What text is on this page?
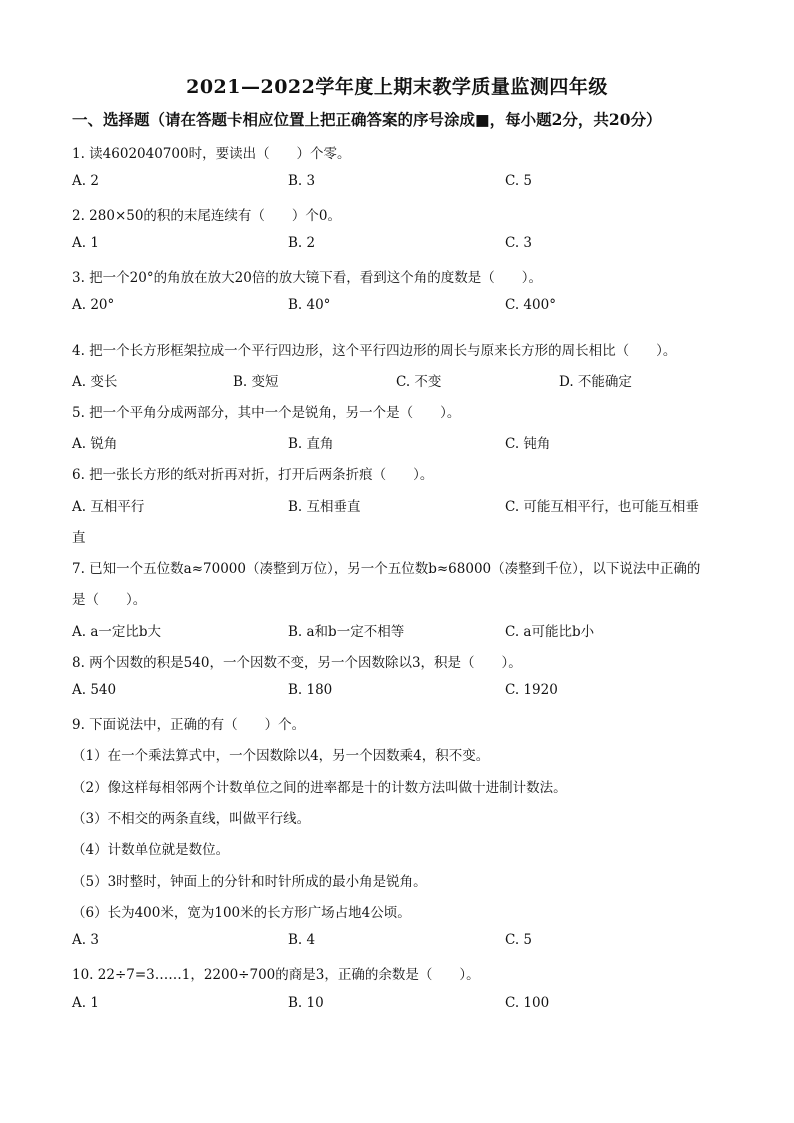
2021—2022学年度上期末教学质量监测四年级
一、选择题（请在答题卡相应位置上把正确答案的序号涂成■，每小题2分，共20分）
1. 读4602040700时，要读出（　　）个零。
A. 2	B. 3	C. 5
2. 280×50的积的末尾连续有（　　）个0。
A. 1	B. 2	C. 3
3. 把一个20°的角放在放大20倍的放大镜下看，看到这个角的度数是（　　）。
A. 20°	B. 40°	C. 400°
4. 把一个长方形框架拉成一个平行四边形，这个平行四边形的周长与原来长方形的周长相比（　　）。
A. 变长	B. 变短	C. 不变	D. 不能确定
5. 把一个平角分成两部分，其中一个是锐角，另一个是（　　）。
A. 锐角	B. 直角	C. 钝角
6. 把一张长方形的纸对折再对折，打开后两条折痕（　　）。
A. 互相平行	B. 互相垂直	C. 可能互相平行，也可能互相垂
直
7. 已知一个五位数a≈70000（凑整到万位），另一个五位数b≈68000（凑整到千位），以下说法中正确的
是（　　）。
A. a一定比b大	B. a和b一定不相等	C. a可能比b小
8. 两个因数的积是540，一个因数不变，另一个因数除以3，积是（　　）。
A. 540	B. 180	C. 1920
9. 下面说法中，正确的有（　　）个。
（1）在一个乘法算式中，一个因数除以4，另一个因数乘4，积不变。
（2）像这样每相邻两个计数单位之间的进率都是十的计数方法叫做十进制计数法。
（3）不相交的两条直线，叫做平行线。
（4）计数单位就是数位。
（5）3时整时，钟面上的分针和时针所成的最小角是锐角。
（6）长为400米，宽为100米的长方形广场占地4公顷。
A. 3	B. 4	C. 5
10. 22÷7=3……1，2200÷700的商是3，正确的余数是（　　）。
A. 1	B. 10	C. 100
